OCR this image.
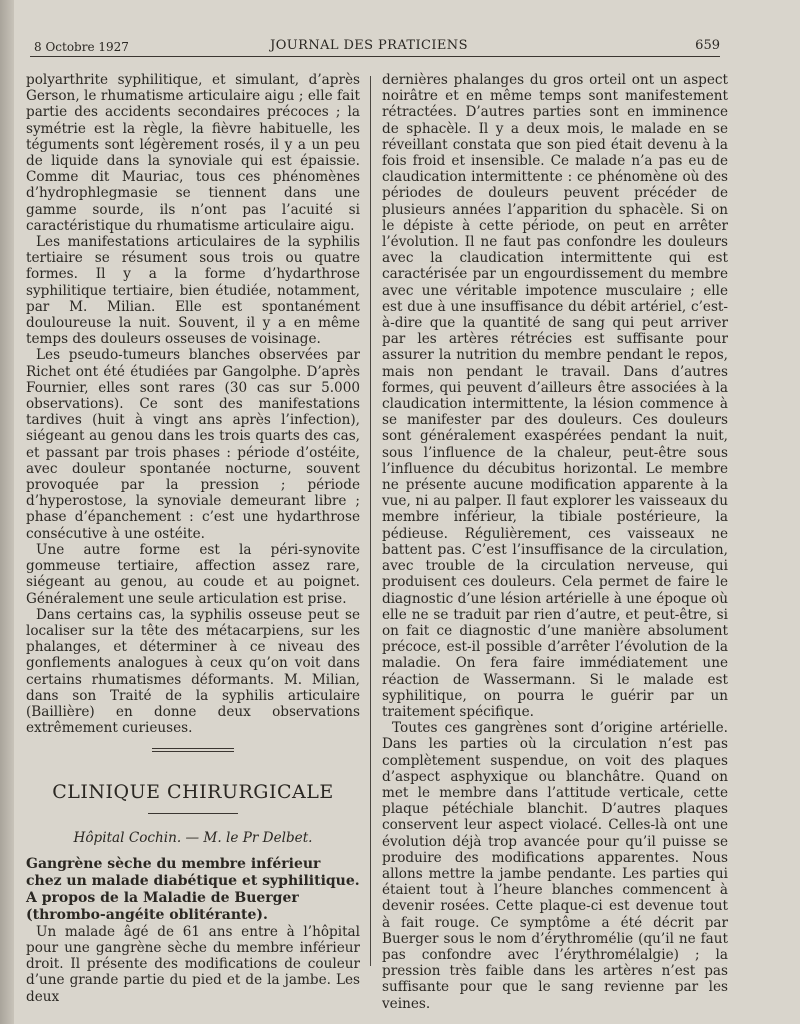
8 Octobre 1927	JOURNAL DES PRATICIENS	659

polyarthrite syphilitique, et simulant, d’après Gerson, le rhumatisme articulaire aigu ; elle fait partie des accidents secondaires précoces ; la symétrie est la règle, la fièvre habituelle, les téguments sont légèrement rosés, il y a un peu de liquide dans la synoviale qui est épaissie. Comme dit Mauriac, tous ces phénomènes d’hydrophlegmasie se tiennent dans une gamme sourde, ils n’ont pas l’acuité si caractéristique du rhumatisme articulaire aigu.

Les manifestations articulaires de la syphilis tertiaire se résument sous trois ou quatre formes. Il y a la forme d’hydarthrose syphilitique tertiaire, bien étudiée, notamment, par M. Milian. Elle est spontanément douloureuse la nuit. Souvent, il y a en même temps des douleurs osseuses de voisinage.

Les pseudo-tumeurs blanches observées par Richet ont été étudiées par Gangolphe. D’après Fournier, elles sont rares (30 cas sur 5.000 observations). Ce sont des manifestations tardives (huit à vingt ans après l’infection), siégeant au genou dans les trois quarts des cas, et passant par trois phases : période d’ostéite, avec douleur spontanée nocturne, souvent provoquée par la pression ; période d’hyperostose, la synoviale demeurant libre ; phase d’épanchement : c’est une hydarthrose consécutive à une ostéite.

Une autre forme est la péri-synovite gommeuse tertiaire, affection assez rare, siégeant au genou, au coude et au poignet. Généralement une seule articulation est prise.

Dans certains cas, la syphilis osseuse peut se localiser sur la tête des métacarpiens, sur les phalanges, et déterminer à ce niveau des gonflements analogues à ceux qu’on voit dans certains rhumatismes déformants. M. Milian, dans son Traité de la syphilis articulaire (Baillière) en donne deux observations extrêmement curieuses.

CLINIQUE CHIRURGICALE
Hôpital Cochin. — M. le Pr Delbet.
Gangrène sèche du membre inférieur chez un malade diabétique et syphilitique. A propos de la Maladie de Buerger (thrombo-angéite oblitérante).

Un malade âgé de 61 ans entre à l’hôpital pour une gangrène sèche du membre inférieur droit. Il présente des modifications de couleur d’une grande partie du pied et de la jambe. Les deux

dernières phalanges du gros orteil ont un aspect noirâtre et en même temps sont manifestement rétractées. D’autres parties sont en imminence de sphacèle. Il y a deux mois, le malade en se réveillant constata que son pied était devenu à la fois froid et insensible. Ce malade n’a pas eu de claudication intermittente : ce phénomène où des périodes de douleurs peuvent précéder de plusieurs années l’apparition du sphacèle. Si on le dépiste à cette période, on peut en arrêter l’évolution. Il ne faut pas confondre les douleurs avec la claudication intermittente qui est caractérisée par un engourdissement du membre avec une véritable impotence musculaire ; elle est due à une insuffisance du débit artériel, c’est-à-dire que la quantité de sang qui peut arriver par les artères rétrécies est suffisante pour assurer la nutrition du membre pendant le repos, mais non pendant le travail. Dans d’autres formes, qui peuvent d’ailleurs être associées à la claudication intermittente, la lésion commence à se manifester par des douleurs. Ces douleurs sont généralement exaspérées pendant la nuit, sous l’influence de la chaleur, peut-être sous l’influence du décubitus horizontal. Le membre ne présente aucune modification apparente à la vue, ni au palper. Il faut explorer les vaisseaux du membre inférieur, la tibiale postérieure, la pédieuse. Régulièrement, ces vaisseaux ne battent pas. C’est l’insuffisance de la circulation, avec trouble de la circulation nerveuse, qui produisent ces douleurs. Cela permet de faire le diagnostic d’une lésion artérielle à une époque où elle ne se traduit par rien d’autre, et peut-être, si on fait ce diagnostic d’une manière absolument précoce, est-il possible d’arrêter l’évolution de la maladie. On fera faire immédiatement une réaction de Wassermann. Si le malade est syphilitique, on pourra le guérir par un traitement spécifique.

Toutes ces gangrènes sont d’origine artérielle. Dans les parties où la circulation n’est pas complètement suspendue, on voit des plaques d’aspect asphyxique ou blanchâtre. Quand on met le membre dans l’attitude verticale, cette plaque pétéchiale blanchit. D’autres plaques conservent leur aspect violacé. Celles-là ont une évolution déjà trop avancée pour qu’il puisse se produire des modifications apparentes. Nous allons mettre la jambe pendante. Les parties qui étaient tout à l’heure blanches commencent à devenir rosées. Cette plaque-ci est devenue tout à fait rouge. Ce symptôme a été décrit par Buerger sous le nom d’érythromélie (qu’il ne faut pas confondre avec l’érythromélalgie) ; la pression très faible dans les artères n’est pas suffisante pour que le sang revienne par les veines.
